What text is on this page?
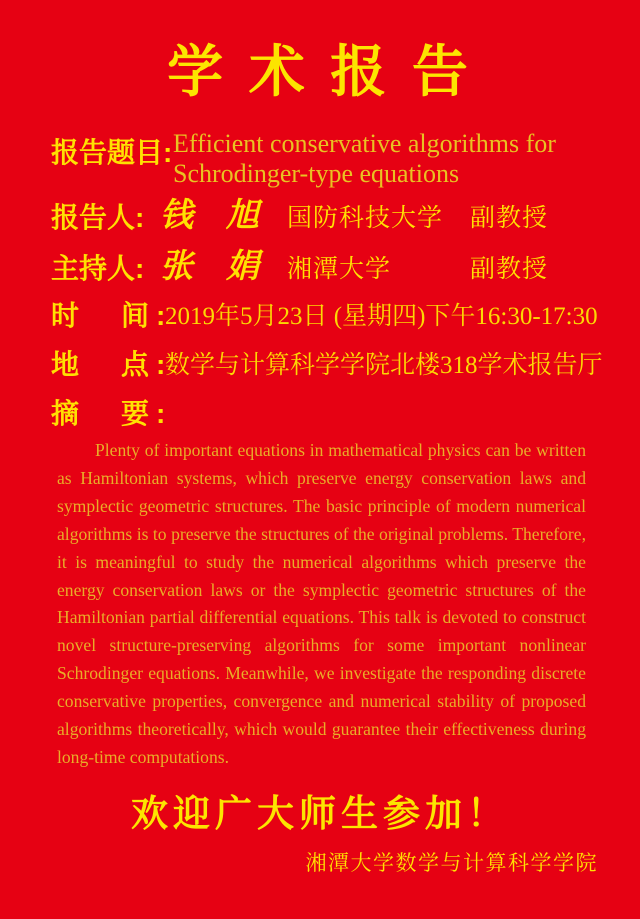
学 术 报 告
报告题目: Efficient conservative algorithms for
Schrodinger-type equations
报告人: 钱　旭 国防科技大学 副教授
主持人: 张　娟 湘潭大学	副教授
时　间:
2019年5月23日 (星期四)下午16:30-17:30
地　点:
数学与计算科学学院北楼318学术报告厅
摘　要:

Plenty of important equations in mathematical physics can be written as Hamiltonian systems, which preserve energy conservation laws and symplectic geometric structures. The basic principle of modern numerical algorithms is to preserve the structures of the original problems. Therefore, it is meaningful to study the numerical algorithms which preserve the energy conservation laws or the symplectic geometric structures of the Hamiltonian partial differential equations. This talk is devoted to construct novel structure-preserving algorithms for some important nonlinear Schrodinger equations. Meanwhile, we investigate the responding discrete conservative properties, convergence and numerical stability of proposed algorithms theoretically, which would guarantee their effectiveness during long-time computations.

欢迎广大师生参加！
湘潭大学数学与计算科学学院
